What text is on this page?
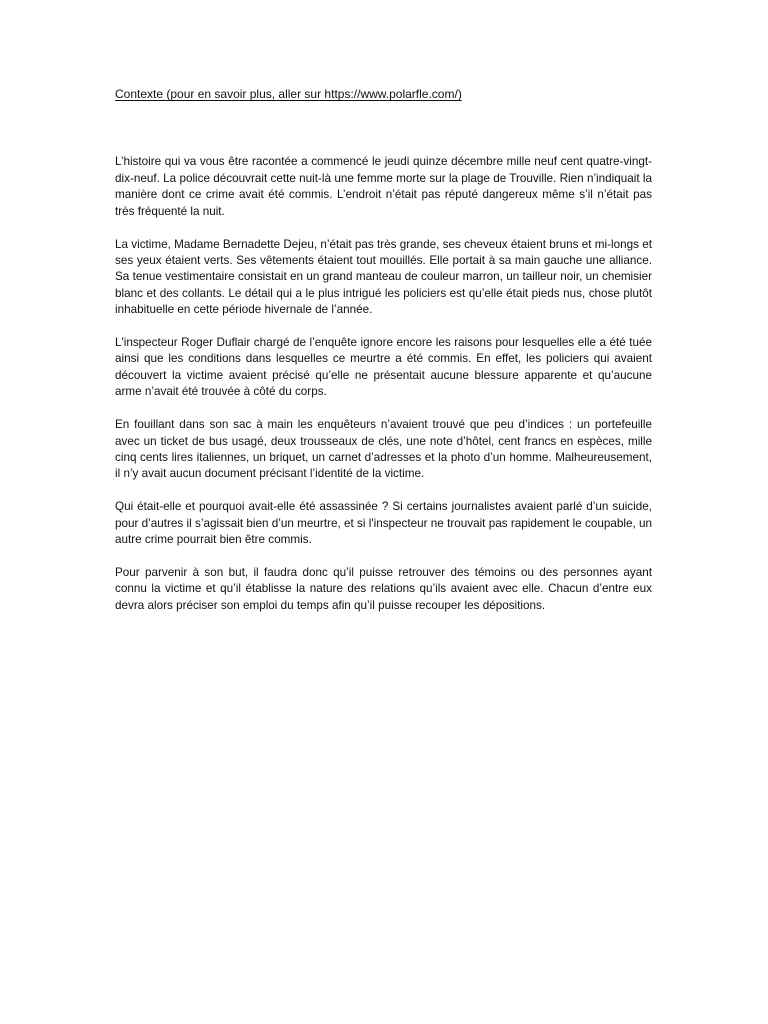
Contexte (pour en savoir plus, aller sur https://www.polarfle.com/)

L’histoire qui va vous être racontée a commencé le jeudi quinze décembre mille neuf cent quatre-vingt-dix-neuf. La police découvrait cette nuit-là une femme morte sur la plage de Trouville. Rien n’indiquait la manière dont ce crime avait été commis. L’endroit n’était pas réputé dangereux même s’il n’était pas très fréquenté la nuit.

La victime, Madame Bernadette Dejeu, n’était pas très grande, ses cheveux étaient bruns et mi-longs et ses yeux étaient verts. Ses vêtements étaient tout mouillés. Elle portait à sa main gauche une alliance. Sa tenue vestimentaire consistait en un grand manteau de couleur marron, un tailleur noir, un chemisier blanc et des collants. Le détail qui a le plus intrigué les policiers est qu’elle était pieds nus, chose plutôt inhabituelle en cette période hivernale de l’année.

L'inspecteur Roger Duflair chargé de l’enquête ignore encore les raisons pour lesquelles elle a été tuée ainsi que les conditions dans lesquelles ce meurtre a été commis. En effet, les policiers qui avaient découvert la victime avaient précisé qu’elle ne présentait aucune blessure apparente et qu’aucune arme n’avait été trouvée à côté du corps.

En fouillant dans son sac à main les enquêteurs n’avaient trouvé que peu d’indices : un portefeuille avec un ticket de bus usagé, deux trousseaux de clés, une note d’hôtel, cent francs en espèces, mille cinq cents lires italiennes, un briquet, un carnet d’adresses et la photo d’un homme. Malheureusement, il n’y avait aucun document précisant l’identité de la victime.

Qui était-elle et pourquoi avait-elle été assassinée ? Si certains journalistes avaient parlé d’un suicide, pour d’autres il s’agissait bien d’un meurtre, et si l'inspecteur ne trouvait pas rapidement le coupable, un autre crime pourrait bien être commis.

Pour parvenir à son but, il faudra donc qu’il puisse retrouver des témoins ou des personnes ayant connu la victime et qu’il établisse la nature des relations qu’ils avaient avec elle. Chacun d’entre eux devra alors préciser son emploi du temps afin qu’il puisse recouper les dépositions.
